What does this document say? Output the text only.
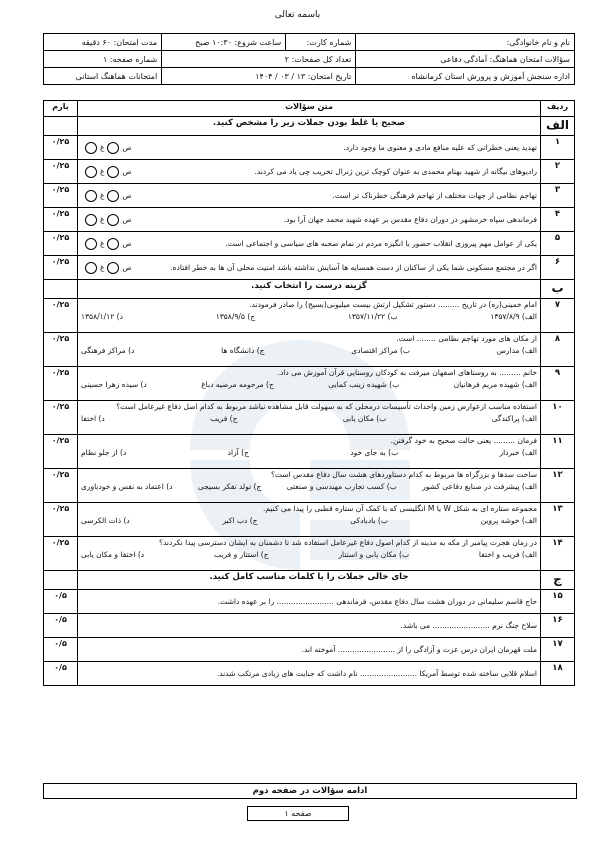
باسمه تعالی
نام و نام خانوادگی:	شماره کارت:	ساعت شروع: ۱۰:۳۰ صبح	مدت امتحان: ۶۰ دقیقه
سؤالات امتحان هماهنگ: آمادگی دفاعی	تعداد کل صفحات: ۲		شماره صفحه: ۱
اداره سنجش آموزش و پرورش استان کرمانشاه	تاریخ امتحان: ۱۳ / ۰۳ / ۱۴۰۴		امتحانات هماهنگ استانی
ردیف	متن سؤالات	بارم
الف	صحیح یا غلط بودن جملات زیر را مشخص کنید.	
۱	تهدید یعنی خطراتی که علیه منافع مادی و معنوی ما وجود دارد.
ص
غ	۰/۲۵
۲	رادیوهای بیگانه از شهید بهنام محمدی به عنوان کوچک ترین ژنرال تخریب چی یاد می کردند.
ص
غ	۰/۲۵
۳	تهاجم نظامی از جهات مختلف از تهاجم فرهنگی خطرناک تر است.
ص
غ	۰/۲۵
۴	فرماندهی سپاه خرمشهر در دوران دفاع مقدس بر عهده شهید محمد جهان آرا بود.
ص
غ	۰/۲۵
۵	یکی از عوامل مهم پیروزی انقلاب حضور با انگیزه مردم در تمام صحنه های سیاسی و اجتماعی است.
ص
غ	۰/۲۵
۶	اگر در مجتمع مسکونی شما یکی از ساکنان از دست همسایه ها آسایش نداشته باشد امنیت محلی آن ها به خطر افتاده.
ص
غ	۰/۲۵
ب	گزینه درست را انتخاب کنید.	
۷	امام خمینی(ره) در تاریخ ......... دستور تشکیل ارتش بیست میلیونی(بسیج) را صادر فرمودند.
الف) ۱۳۵۷/۸/۹
ب) ۱۳۵۷/۱۱/۲۲
ج) ۱۳۵۸/۹/۵
د) ۱۳۵۸/۱/۱۲	۰/۲۵
۸	از مکان های مورد تهاجم نظامی ........ است.
الف) مدارس
ب) مراکز اقتصادی
ج) دانشگاه ها
د) مراکز فرهنگی	۰/۲۵
۹	خانم ......... به روستاهای اصفهان میرفت به کودکان روستایی قرآن آموزش می داد.
الف) شهیده مریم فرهانیان
ب) شهیده زینب کمایی
ج) مرحومه مرضیه دباغ
د) سیده زهرا حسینی	۰/۲۵
۱۰	استفاده مناسب ازعوارض زمین واحداث تأسیسات درمحلی که به سهولت قابل مشاهده نباشد مربوط به کدام اصل دفاع غیرعامل است؟
الف) پراکندگی
ب) مکان یابی
ج) فریب
د) اختفا	۰/۲۵
۱۱	فرمان ......... یعنی حالت صحیح به خود گرفتن.
الف) خبردار
ب) به جای خود
ج) آزاد
د) از جلو نظام	۰/۲۵
۱۲	ساخت سدها و بزرگراه ها مربوط به کدام دستاوردهای هشت سال دفاع مقدس است؟
الف) پیشرفت در صنایع دفاعی کشور
ب) کسب تجارب مهندسی و صنعتی
ج) تولد تفکر بسیجی
د) اعتماد به نفس و خودباوری	۰/۲۵
۱۳	مجموعه ستاره ای به شکل W یا M انگلیسی که با کمک آن ستاره قطبی را پیدا می کنیم.
الف) خوشه پروین
ب) بادبادکی
ج) دب اکبر
د) ذات الکرسی	۰/۲۵
۱۴	در زمان هجرت پیامبر از مکه به مدینه از کدام اصول دفاع غیرعامل استفاده شد تا دشمنان به ایشان دسترسی پیدا نکردند؟
الف) فریب و اختفا
ب) مکان یابی و استتار
ج) استتار و فریب
د) اختفا و مکان یابی	۰/۲۵
ج	جای خالی جملات را با کلمات مناسب کامل کنید.	
۱۵	حاج قاسم سلیمانی در دوران هشت سال دفاع مقدس، فرماندهی ........................ را بر عهده داشت.	۰/۵
۱۶	سلاح جنگ نرم ........................ می باشد.	۰/۵
۱۷	ملت قهرمان ایران درس عزت و آزادگی را از ........................ آموخته اند.	۰/۵
۱۸	اسلام قلابی ساخته شده توسط آمریکا ........................ نام داشت که جنایت های زیادی مرتکب شدند.	۰/۵
ادامه سؤالات در صفحه دوم
صفحه ۱
